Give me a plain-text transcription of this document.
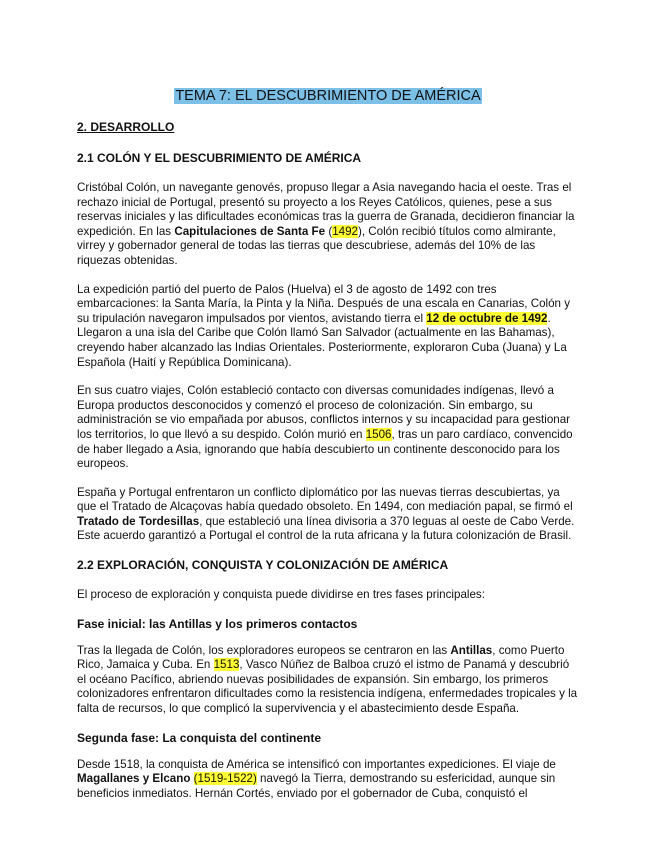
TEMA 7: EL DESCUBRIMIENTO DE AMÉRICA
2. DESARROLLO
2.1 COLÓN Y EL DESCUBRIMIENTO DE AMÉRICA

Cristóbal Colón, un navegante genovés, propuso llegar a Asia navegando hacia el oeste. Tras el rechazo inicial de Portugal, presentó su proyecto a los Reyes Católicos, quienes, pese a sus reservas iniciales y las dificultades económicas tras la guerra de Granada, decidieron financiar la expedición. En las Capitulaciones de Santa Fe (1492), Colón recibió títulos como almirante, virrey y gobernador general de todas las tierras que descubriese, además del 10% de las riquezas obtenidas.

La expedición partió del puerto de Palos (Huelva) el 3 de agosto de 1492 con tres embarcaciones: la Santa María, la Pinta y la Niña. Después de una escala en Canarias, Colón y su tripulación navegaron impulsados por vientos, avistando tierra el 12 de octubre de 1492. Llegaron a una isla del Caribe que Colón llamó San Salvador (actualmente en las Bahamas), creyendo haber alcanzado las Indias Orientales. Posteriormente, exploraron Cuba (Juana) y La Española (Haití y República Dominicana).

En sus cuatro viajes, Colón estableció contacto con diversas comunidades indígenas, llevó a Europa productos desconocidos y comenzó el proceso de colonización. Sin embargo, su administración se vio empañada por abusos, conflictos internos y su incapacidad para gestionar los territorios, lo que llevó a su despido. Colón murió en 1506, tras un paro cardíaco, convencido de haber llegado a Asia, ignorando que había descubierto un continente desconocido para los europeos.

España y Portugal enfrentaron un conflicto diplomático por las nuevas tierras descubiertas, ya que el Tratado de Alcaçovas había quedado obsoleto. En 1494, con mediación papal, se firmó el Tratado de Tordesillas, que estableció una línea divisoria a 370 leguas al oeste de Cabo Verde. Este acuerdo garantizó a Portugal el control de la ruta africana y la futura colonización de Brasil.

2.2 EXPLORACIÓN, CONQUISTA Y COLONIZACIÓN DE AMÉRICA

El proceso de exploración y conquista puede dividirse en tres fases principales:

Fase inicial: las Antillas y los primeros contactos

Tras la llegada de Colón, los exploradores europeos se centraron en las Antillas, como Puerto Rico, Jamaica y Cuba. En 1513, Vasco Núñez de Balboa cruzó el istmo de Panamá y descubrió el océano Pacífico, abriendo nuevas posibilidades de expansión. Sin embargo, los primeros colonizadores enfrentaron dificultades como la resistencia indígena, enfermedades tropicales y la falta de recursos, lo que complicó la supervivencia y el abastecimiento desde España.

Segunda fase: La conquista del continente

Desde 1518, la conquista de América se intensificó con importantes expediciones. El viaje de Magallanes y Elcano (1519-1522) navegó la Tierra, demostrando su esfericidad, aunque sin beneficios inmediatos. Hernán Cortés, enviado por el gobernador de Cuba, conquistó el
